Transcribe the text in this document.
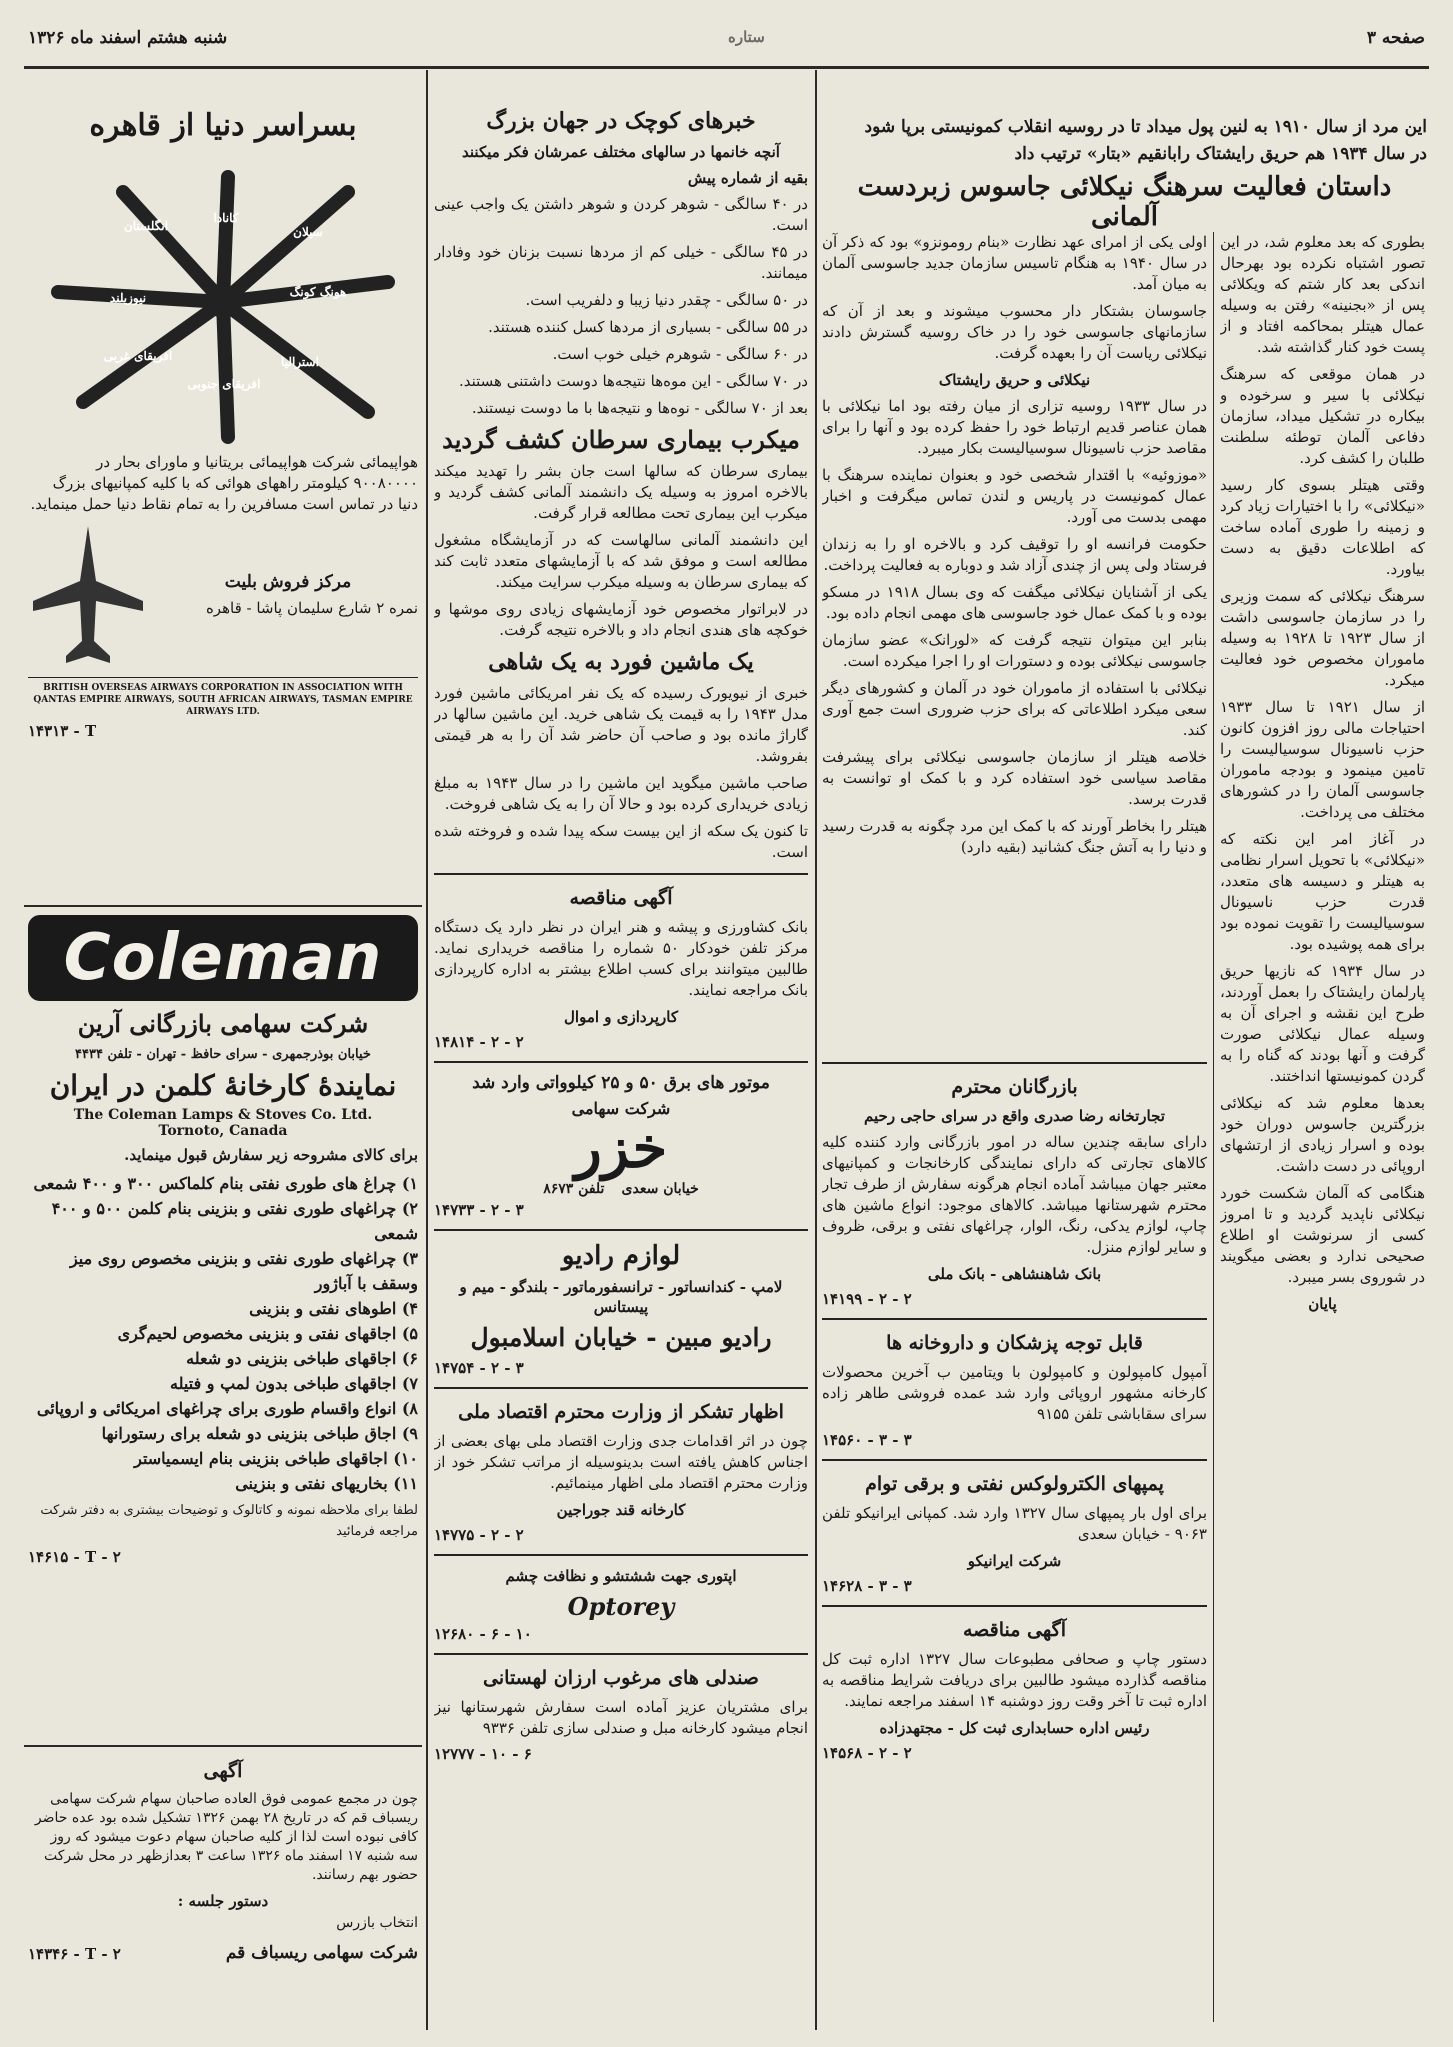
صفحه ۳
شنبه هشتم اسفند ماه ۱۳۲۶	ستاره
این مرد از سال ۱۹۱۰ به لنین پول میداد تا در روسیه انقلاب کمونیستی برپا شود
در سال ۱۹۳۴ هم حریق رایشتاک رابانقیم «بتار» ترتیب داد
داستان فعالیت سرهنگ نیکلائی جاسوس زبردست آلمانی

بطوری که بعد معلوم شد، در این تصور اشتباه نکرده بود بهرحال اندکی بعد کار شتم که ویکلائی پس از «بجنینه» رفتن به وسیله عمال هیتلر بمحاکمه افتاد و از پست خود کنار گذاشته شد.

در همان موقعی که سرهنگ نیکلائی با سیر و سرخوده و بیکاره در تشکیل میداد، سازمان دفاعی آلمان توطئه سلطنت طلبان را کشف کرد.

وقتی هیتلر بسوی کار رسید «نیکلائی» را با اختیارات زیاد کرد و زمینه را طوری آماده ساخت که اطلاعات دقیق به دست بیاورد.

سرهنگ نیکلائی که سمت وزیری را در سازمان جاسوسی داشت از سال ۱۹۲۳ تا ۱۹۲۸ به وسیله ماموران مخصوص خود فعالیت میکرد.

از سال ۱۹۲۱ تا سال ۱۹۳۳ احتیاجات مالی روز افزون کانون حزب ناسیونال سوسیالیست را تامین مینمود و بودجه ماموران جاسوسی آلمان را در کشورهای مختلف می پرداخت.

در آغاز امر این نکته که «نیکلائی» با تحویل اسرار نظامی به هیتلر و دسیسه های متعدد، قدرت حزب ناسیونال سوسیالیست را تقویت نموده بود برای همه پوشیده بود.

در سال ۱۹۳۴ که نازیها حریق پارلمان رایشتاک را بعمل آوردند، طرح این نقشه و اجرای آن به وسیله عمال نیکلائی صورت گرفت و آنها بودند که گناه را به گردن کمونیستها انداختند.

بعدها معلوم شد که نیکلائی بزرگترین جاسوس دوران خود بوده و اسرار زیادی از ارتشهای اروپائی در دست داشت.

هنگامی که آلمان شکست خورد نیکلائی ناپدید گردید و تا امروز کسی از سرنوشت او اطلاع صحیحی ندارد و بعضی میگویند در شوروی بسر میبرد.

پایان

اولی یکی از امرای عهد نظارت «بنام رومونزو» بود که ذکر آن در سال ۱۹۴۰ به هنگام تاسیس سازمان جدید جاسوسی آلمان به میان آمد.

جاسوسان بشتکار دار محسوب میشوند و بعد از آن که سازمانهای جاسوسی خود را در خاک روسیه گسترش دادند نیکلائی ریاست آن را بعهده گرفت.

نیکلائی و حریق رایشتاک

در سال ۱۹۳۳ روسیه تزاری از میان رفته بود اما نیکلائی با همان عناصر قدیم ارتباط خود را حفظ کرده بود و آنها را برای مقاصد حزب ناسیونال سوسیالیست بکار میبرد.

«موزوئیه» با اقتدار شخصی خود و بعنوان نماینده سرهنگ با عمال کمونیست در پاریس و لندن تماس میگرفت و اخبار مهمی بدست می آورد.

حکومت فرانسه او را توقیف کرد و بالاخره او را به زندان فرستاد ولی پس از چندی آزاد شد و دوباره به فعالیت پرداخت.

یکی از آشنایان نیکلائی میگفت که وی بسال ۱۹۱۸ در مسکو بوده و با کمک عمال خود جاسوسی های مهمی انجام داده بود.

بنابر این میتوان نتیجه گرفت که «لورانک» عضو سازمان جاسوسی نیکلائی بوده و دستورات او را اجرا میکرده است.

نیکلائی با استفاده از ماموران خود در آلمان و کشورهای دیگر سعی میکرد اطلاعاتی که برای حزب ضروری است جمع آوری کند.

خلاصه هیتلر از سازمان جاسوسی نیکلائی برای پیشرفت مقاصد سیاسی خود استفاده کرد و با کمک او توانست به قدرت برسد.

هیتلر را بخاطر آورند که با کمک این مرد چگونه به قدرت رسید و دنیا را به آتش جنگ کشانید (بقیه دارد)

بازرگانان محترم
تجارتخانه رضا صدری واقع در سرای حاجی رحیم

دارای سابقه چندین ساله در امور بازرگانی وارد کننده کلیه کالاهای تجارتی که دارای نمایندگی کارخانجات و کمپانیهای معتبر جهان میباشد آماده انجام هرگونه سفارش از طرف تجار محترم شهرستانها میباشد. کالاهای موجود: انواع ماشین های چاپ، لوازم یدکی، رنگ، الوار، چراغهای نفتی و برقی، ظروف و سایر لوازم منزل.

بانک شاهنشاهی - بانک ملی
۱۴۱۹۹ - ۲ - ۲
قابل توجه پزشکان و داروخانه ها

آمپول کامپولون و کامپولون با ویتامین ب آخرین محصولات کارخانه مشهور اروپائی وارد شد عمده فروشی طاهر زاده سرای سقاباشی تلفن ۹۱۵۵

۱۴۵۶۰ - ۳ - ۳
پمپهای الکترولوکس نفتی و برقی توام

برای اول بار پمپهای سال ۱۳۲۷ وارد شد. کمپانی ایرانیکو تلفن ۹۰۶۳ - خیابان سعدی

شرکت ایرانیکو
۱۴۶۲۸ - ۳ - ۳
آگهی مناقصه

دستور چاپ و صحافی مطبوعات سال ۱۳۲۷ اداره ثبت کل مناقصه گذارده میشود طالبین برای دریافت شرایط مناقصه به اداره ثبت تا آخر وقت روز دوشنبه ۱۴ اسفند مراجعه نمایند.

رئیس اداره حسابداری ثبت کل - مجتهدزاده
۱۴۵۶۸ - ۲ - ۲
خبرهای کوچک در جهان بزرگ
آنچه خانمها در سالهای مختلف عمرشان فکر میکنند
بقیه از شماره پیش

در ۴۰ سالگی - شوهر کردن و شوهر داشتن یک واجب عینی است.

در ۴۵ سالگی - خیلی کم از مردها نسبت بزنان خود وفادار میمانند.

در ۵۰ سالگی - چقدر دنیا زیبا و دلفریب است.

در ۵۵ سالگی - بسیاری از مردها کسل کننده هستند.

در ۶۰ سالگی - شوهرم خیلی خوب است.

در ۷۰ سالگی - این موه‌ها نتیجه‌ها دوست داشتنی هستند.

بعد از ۷۰ سالگی - نوه‌ها و نتیجه‌ها با ما دوست نیستند.

میکرب بیماری سرطان کشف گردید

بیماری سرطان که سالها است جان بشر را تهدید میکند بالاخره امروز به وسیله یک دانشمند آلمانی کشف گردید و میکرب این بیماری تحت مطالعه قرار گرفت.

این دانشمند آلمانی سالهاست که در آزمایشگاه مشغول مطالعه است و موفق شد که با آزمایشهای متعدد ثابت کند که بیماری سرطان به وسیله میکرب سرایت میکند.

در لابراتوار مخصوص خود آزمایشهای زیادی روی موشها و خوکچه های هندی انجام داد و بالاخره نتیجه گرفت.

یک ماشین فورد به یک شاهی

خبری از نیویورک رسیده که یک نفر امریکائی ماشین فورد مدل ۱۹۴۳ را به قیمت یک شاهی خرید. این ماشین سالها در گاراژ مانده بود و صاحب آن حاضر شد آن را به هر قیمتی بفروشد.

صاحب ماشین میگوید این ماشین را در سال ۱۹۴۳ به مبلغ زیادی خریداری کرده بود و حالا آن را به یک شاهی فروخت.

تا کنون یک سکه از این بیست سکه پیدا شده و فروخته شده است.

آگهی مناقصه

بانک کشاورزی و پیشه و هنر ایران در نظر دارد یک دستگاه مرکز تلفن خودکار ۵۰ شماره را مناقصه خریداری نماید. طالبین میتوانند برای کسب اطلاع بیشتر به اداره کارپردازی بانک مراجعه نمایند.

کارپردازی و اموال
۱۴۸۱۴ - ۲ - ۲
موتور های برق ۵۰ و ۲۵ کیلوواتی وارد شد
شرکت سهامی
خزر
خیابان سعدی تلفن ۸۶۷۳
۱۴۷۳۳ - ۲ - ۳
لوازم رادیو
لامپ - کندانساتور - ترانسفورماتور - بلندگو - میم و پیستانس
رادیو مبین - خیابان اسلامبول
۱۴۷۵۴ - ۲ - ۳
اظهار تشکر از وزارت محترم اقتصاد ملی

چون در اثر اقدامات جدی وزارت اقتصاد ملی بهای بعضی از اجناس کاهش یافته است بدینوسیله از مراتب تشکر خود از وزارت محترم اقتصاد ملی اظهار مینمائیم.

کارخانه قند جوراجین
۱۴۷۷۵ - ۲ - ۲
اپتوری جهت ششتشو و نظافت چشم
Optorey
۱۲۶۸۰ - ۶ - ۱۰
صندلی های مرغوب ارزان لهستانی

برای مشتریان عزیز آماده است سفارش شهرستانها نیز انجام میشود کارخانه مبل و صندلی سازی تلفن ۹۳۳۶

۱۲۷۷۷ - ۱۰ - ۶
بسراسر دنیا از قاهره
انگلستان
کانادا
سیلان
هونگ کونگ
استرالیا
افریقای جنوبی
افریقای غربی
نیوزیلند

هواپیمائی شرکت هواپیمائی بریتانیا و ماورای بحار در ۹۰۰۸۰۰۰۰ کیلومتر راههای هوائی که با کلیه کمپانیهای بزرگ دنیا در تماس است مسافرین را به تمام نقاط دنیا حمل مینماید.

مرکز فروش بلیت

نمره ۲ شارع سلیمان پاشا - قاهره

BRITISH OVERSEAS AIRWAYS CORPORATION IN ASSOCIATION WITH QANTAS EMPIRE AIRWAYS, SOUTH AFRICAN AIRWAYS, TASMAN EMPIRE AIRWAYS LTD.
۱۴۳۱۳ - T
Coleman
شرکت سهامی بازرگانی آرین
خیابان بوذرجمهری - سرای حافظ - تهران - تلفن ۴۴۳۴
نمایندهٔ کارخانهٔ کلمن در ایران
The Coleman Lamps & Stoves Co. Ltd.
Tornoto, Canada
برای کالای مشروحه زیر سفارش قبول مینماید.

۱) چراغ های طوری نفتی بنام کلماکس ۳۰۰ و ۴۰۰ شمعی

۲) چراغهای طوری نفتی و بنزینی بنام کلمن ۵۰۰ و ۴۰۰ شمعی

۳) چراغهای طوری نفتی و بنزینی مخصوص روی میز وسقف با آباژور

۴) اطوهای نفتی و بنزینی

۵) اجاقهای نفتی و بنزینی مخصوص لحیم‌گری

۶) اجاقهای طباخی بنزینی دو شعله

۷) اجاقهای طباخی بدون لمپ و فتیله

۸) انواع واقسام طوری برای چراغهای امریکائی و اروپائی

۹) اجاق طباخی بنزینی دو شعله برای رستورانها

۱۰) اجاقهای طباخی بنزینی بنام ایسمیاستر

۱۱) بخاریهای نفتی و بنزینی

لطفا برای ملاحظه نمونه و کاتالوک و توضیحات بیشتری به دفتر شرکت مراجعه فرمائید

۱۴۶۱۵ - T - ۲
آگهی

چون در مجمع عمومی فوق العاده صاحبان سهام شرکت سهامی ریسباف قم که در تاریخ ۲۸ بهمن ۱۳۲۶ تشکیل شده بود عده حاضر کافی نبوده است لذا از کلیه صاحبان سهام دعوت میشود که روز سه شنبه ۱۷ اسفند ماه ۱۳۲۶ ساعت ۳ بعدازظهر در محل شرکت حضور بهم رسانند.

دستور جلسه :
انتخاب بازرس
شرکت سهامی ریسباف قم
۱۴۳۴۶ - T - ۲
